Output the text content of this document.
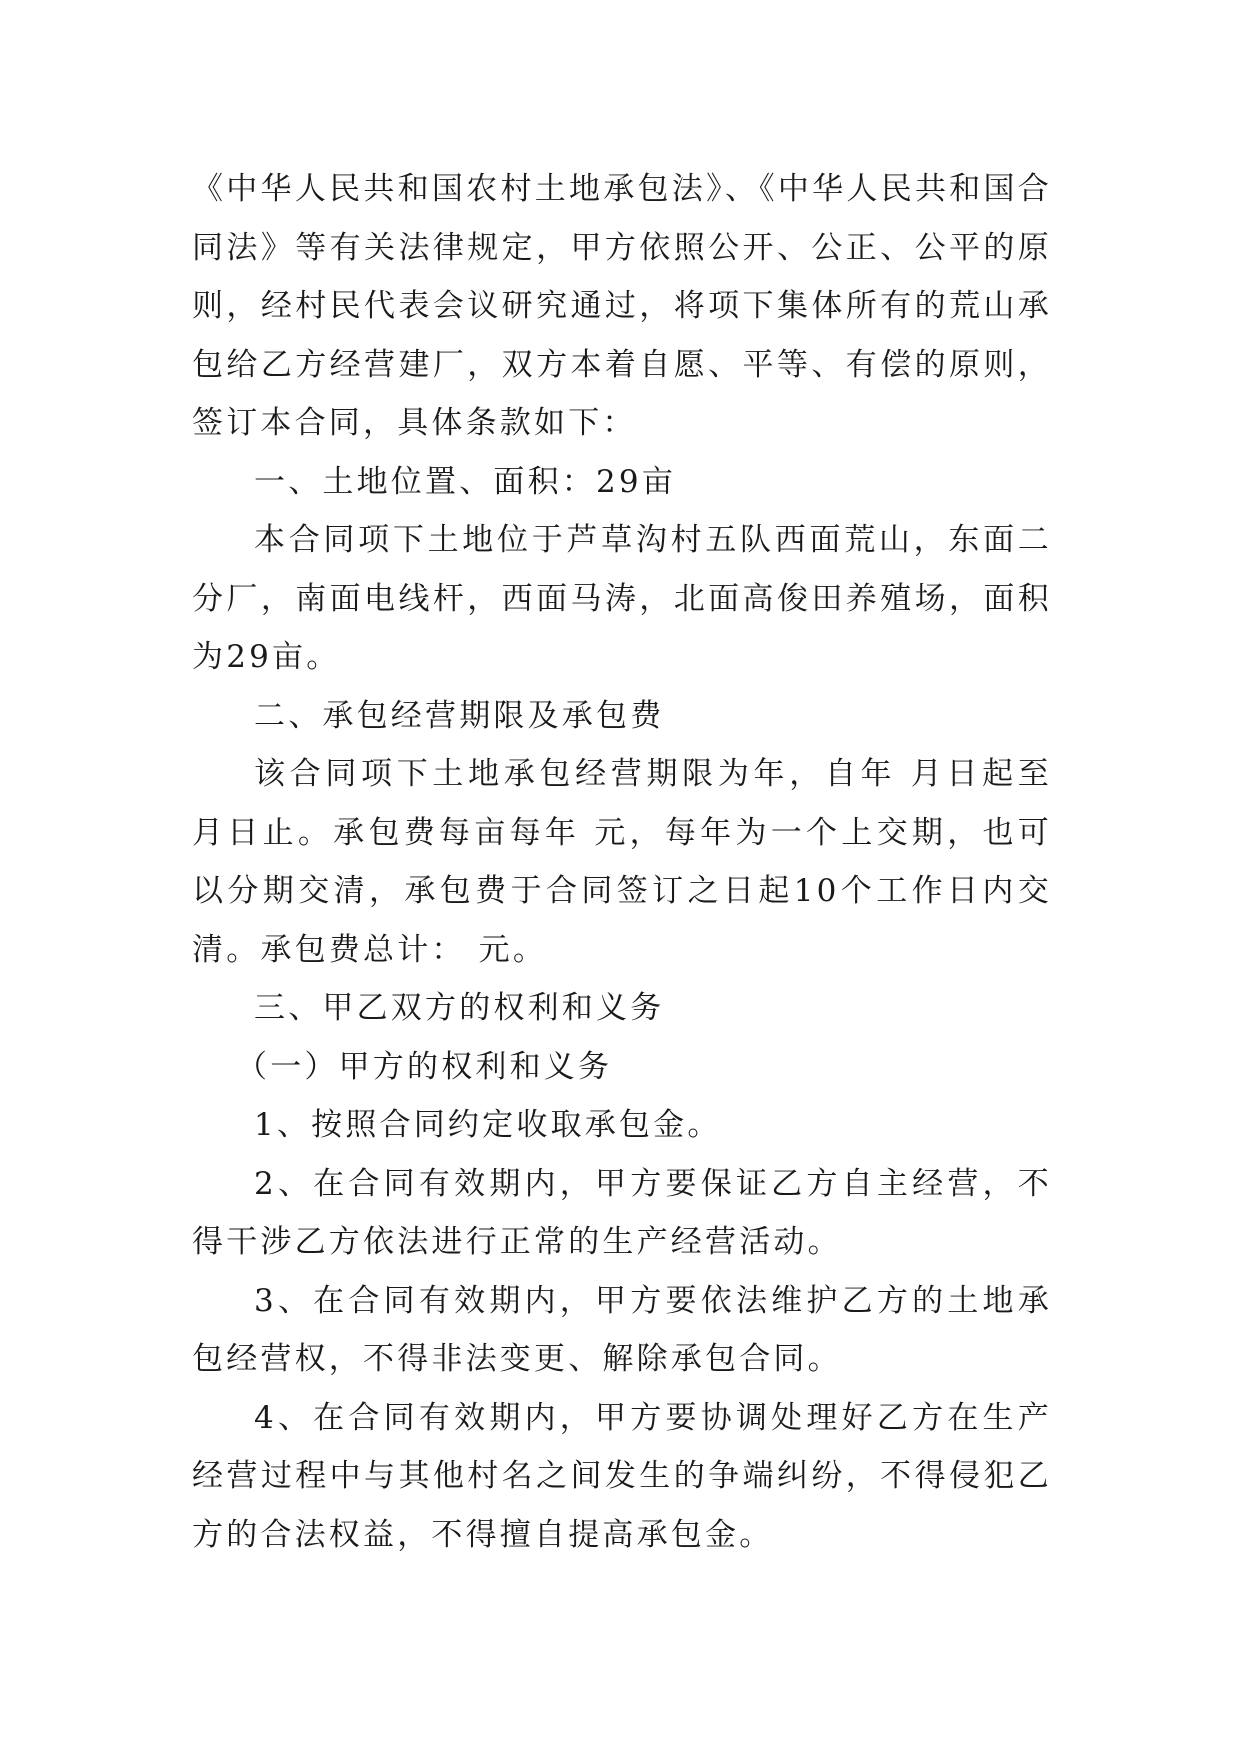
《中华人民共和国农村土地承包法》、《中华人民共和国合同法》等有关法律规定，甲方依照公开、公正、公平的原则，经村民代表会议研究通过，将项下集体所有的荒山承包给乙方经营建厂，双方本着自愿、平等、有偿的原则，签订本合同，具体条款如下：

一、土地位置、面积：29亩

本合同项下土地位于芦草沟村五队西面荒山，东面二分厂，南面电线杆，西面马涛，北面高俊田养殖场，面积为29亩。

二、承包经营期限及承包费

该合同项下土地承包经营期限为年，自年 月日起至月日止。承包费每亩每年 元，每年为一个上交期，也可以分期交清，承包费于合同签订之日起10个工作日内交清。承包费总计： 元。

三、甲乙双方的权利和义务

（一）甲方的权利和义务

1、按照合同约定收取承包金。

2、在合同有效期内，甲方要保证乙方自主经营，不得干涉乙方依法进行正常的生产经营活动。

3、在合同有效期内，甲方要依法维护乙方的土地承包经营权，不得非法变更、解除承包合同。

4、在合同有效期内，甲方要协调处理好乙方在生产经营过程中与其他村名之间发生的争端纠纷，不得侵犯乙方的合法权益，不得擅自提高承包金。
